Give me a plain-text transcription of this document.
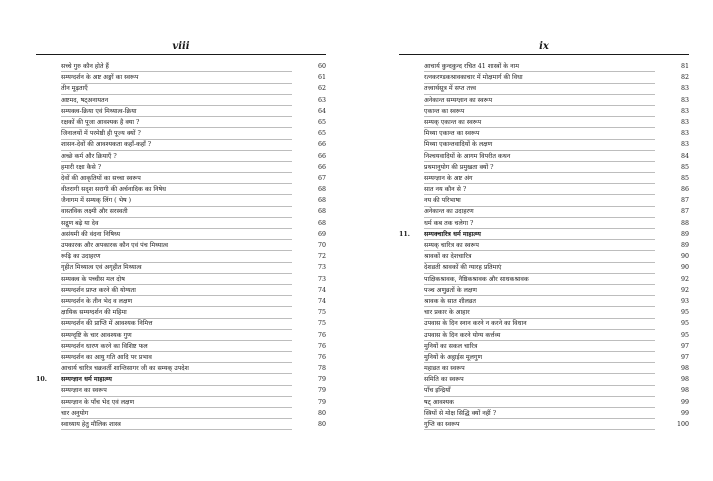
viii
सच्चे गुरु कौन होते हैं	60
सम्यग्दर्शन के अष्ट अङ्गों का स्वरूप	61
तीन मूढ़ताएँ	62
अष्टमद, षट्अनायतन	63
सम्यक्त्व-क्रिया एवं मिथ्यात्व-क्रिया	64
रक्षकों की पूजा आवश्यक है क्या ?	65
जिनालयों में परमेष्ठी ही पूज्य क्यों ?	65
शासन-देवों की आवश्यकता कहाँ-कहाँ ?	66
अच्छे कर्म और क्रियाएँ ?	66
हमारी रक्षा कैसे ?	66
देवों की आकृतियों का सच्चा स्वरूप	67
वीतरागी सदृश सरागी की अर्चनादिक का निषेध	68
जैनागम में सम्यक् लिंग ( भेष )	68
वास्तविक लक्ष्मी और सरस्वती	68
सद्गुण बढ़े या देव	68
असंयमी की वंदना निषिध्य	69
उपकारक और अपकारक कौन एवं पंच मिथ्यात्व	70
रूढ़ि का उदाहरण	72
गृहीत मिथ्यात्व एवं अगृहीत मिथ्यात्व	73
सम्यक्त्व के पच्चीस मल दोष	73
सम्यग्दर्शन प्राप्त करने की योग्यता	74
सम्यग्दर्शन के तीन भेद व लक्षण	74
क्षायिक सम्यग्दर्शन की महिमा	75
सम्यग्दर्शन की प्राप्ति में आवश्यक निमित्त	75
सम्यग्दृष्टि के चार आवश्यक गुण	76
सम्यग्दर्शन धारण करने का विशिष्ट फल	76
सम्यग्दर्शन का आयु गति आदि पर प्रभाव	76
आचार्य चारित्र चक्रवर्ती शान्तिसागर जी का सम्यक् उपदेश	78
10. सम्यग्ज्ञान धर्म माहात्म्य	79
सम्यग्ज्ञान का स्वरूप	79
सम्यग्ज्ञान के पाँच भेद एवं लक्षण	79
चार अनुयोग	80
स्वाध्याय हेतु मौलिक शास्त्र	80
ix
आचार्य कुन्दकुन्द रचित 41 शास्त्रों के नाम	81
रत्नकरण्डकश्रावकाचार में मोक्षमार्ग की विधा	82
तत्त्वार्थसूत्र में सप्त तत्त्व	83
अनेकान्त सम्यग्ज्ञान का स्वरूप	83
एकान्त का स्वरूप	83
सम्यक् एकान्त का स्वरूप	83
मिथ्या एकान्त का स्वरूप	83
मिथ्या एकान्तवादियों के लक्षण	83
निश्चयवादियों के आगम विपरीत कथन	84
प्रथमानुयोग की प्रमुखता क्यों ?	85
सम्यग्ज्ञान के अष्ट अंग	85
सात नय कौन से ?	86
नय की परिभाषा	87
अनेकान्त का उदाहरण	87
धर्म कब तक चलेगा ?	88
11. सम्यक्चारित्र धर्म माहात्म्य	89
सम्यक् चारित्र का स्वरूप	89
श्रावकों का देशचारित्र	90
देशव्रती श्रावकों की ग्यारह प्रतिमाएं	90
पाक्षिकश्रावक, नैष्ठिकश्रावक और साधकश्रावक	92
पञ्च अणुव्रतों के लक्षण	92
श्रावक के सात शीलव्रत	93
चार प्रकार के आहार	95
उपवास के दिन स्नान करने न करने का विधान	95
उपवास के दिन करने योग्य कर्त्तव्य	95
मुनियों का सकल चारित्र	97
मुनियों के अट्ठाईस मूलगुण	97
महाव्रत का स्वरूप	98
समिति का स्वरूप	98
पाँच इन्द्रियाँ	98
षट् आवश्यक	99
स्त्रियों से मोक्ष सिद्धि क्यों नहीं ?	99
गुप्ति का स्वरूप	100
